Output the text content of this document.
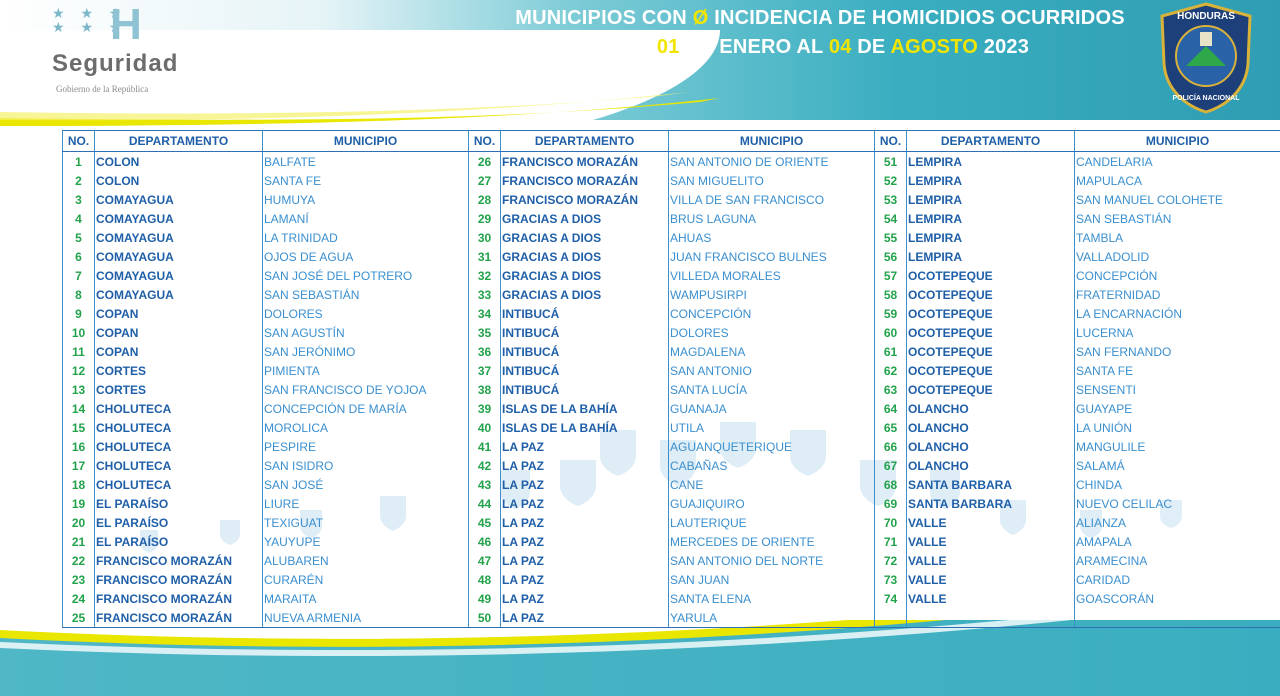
★ ★ ★
★ ★ ★
H
Seguridad
Gobierno de la República
MUNICIPIOS CON Ø INCIDENCIA DE HOMICIDIOS OCURRIDOS
DEL 01 DE ENERO AL 04 DE AGOSTO 2023
HONDURAS
POLICÍA NACIONAL
NO.	DEPARTAMENTO	MUNICIPIO	NO.	DEPARTAMENTO	MUNICIPIO	NO.	DEPARTAMENTO	MUNICIPIO
1	COLON	BALFATE	26	FRANCISCO MORAZÁN	SAN ANTONIO DE ORIENTE	51	LEMPIRA	CANDELARIA
2	COLON	SANTA FE	27	FRANCISCO MORAZÁN	SAN MIGUELITO	52	LEMPIRA	MAPULACA
3	COMAYAGUA	HUMUYA	28	FRANCISCO MORAZÁN	VILLA DE SAN FRANCISCO	53	LEMPIRA	SAN MANUEL COLOHETE
4	COMAYAGUA	LAMANÍ	29	GRACIAS A DIOS	BRUS LAGUNA	54	LEMPIRA	SAN SEBASTIÁN
5	COMAYAGUA	LA TRINIDAD	30	GRACIAS A DIOS	AHUAS	55	LEMPIRA	TAMBLA
6	COMAYAGUA	OJOS DE AGUA	31	GRACIAS A DIOS	JUAN FRANCISCO BULNES	56	LEMPIRA	VALLADOLID
7	COMAYAGUA	SAN JOSÉ DEL POTRERO	32	GRACIAS A DIOS	VILLEDA MORALES	57	OCOTEPEQUE	CONCEPCIÓN
8	COMAYAGUA	SAN SEBASTIÁN	33	GRACIAS A DIOS	WAMPUSIRPI	58	OCOTEPEQUE	FRATERNIDAD
9	COPAN	DOLORES	34	INTIBUCÁ	CONCEPCIÓN	59	OCOTEPEQUE	LA ENCARNACIÓN
10	COPAN	SAN AGUSTÍN	35	INTIBUCÁ	DOLORES	60	OCOTEPEQUE	LUCERNA
11	COPAN	SAN JERÓNIMO	36	INTIBUCÁ	MAGDALENA	61	OCOTEPEQUE	SAN FERNANDO
12	CORTES	PIMIENTA	37	INTIBUCÁ	SAN ANTONIO	62	OCOTEPEQUE	SANTA FE
13	CORTES	SAN FRANCISCO DE YOJOA	38	INTIBUCÁ	SANTA LUCÍA	63	OCOTEPEQUE	SENSENTI
14	CHOLUTECA	CONCEPCIÓN DE MARÍA	39	ISLAS DE LA BAHÍA	GUANAJA	64	OLANCHO	GUAYAPE
15	CHOLUTECA	MOROLICA	40	ISLAS DE LA BAHÍA	UTILA	65	OLANCHO	LA UNIÓN
16	CHOLUTECA	PESPIRE	41	LA PAZ	AGUANQUETERIQUE	66	OLANCHO	MANGULILE
17	CHOLUTECA	SAN ISIDRO	42	LA PAZ	CABAÑAS	67	OLANCHO	SALAMÁ
18	CHOLUTECA	SAN JOSÉ	43	LA PAZ	CANE	68	SANTA BARBARA	CHINDA
19	EL PARAÍSO	LIURE	44	LA PAZ	GUAJIQUIRO	69	SANTA BARBARA	NUEVO CELILAC
20	EL PARAÍSO	TEXIGUAT	45	LA PAZ	LAUTERIQUE	70	VALLE	ALIANZA
21	EL PARAÍSO	YAUYUPE	46	LA PAZ	MERCEDES DE ORIENTE	71	VALLE	AMAPALA
22	FRANCISCO MORAZÁN	ALUBAREN	47	LA PAZ	SAN ANTONIO DEL NORTE	72	VALLE	ARAMECINA
23	FRANCISCO MORAZÁN	CURARÉN	48	LA PAZ	SAN JUAN	73	VALLE	CARIDAD
24	FRANCISCO MORAZÁN	MARAITA	49	LA PAZ	SANTA ELENA	74	VALLE	GOASCORÁN
25	FRANCISCO MORAZÁN	NUEVA ARMENIA	50	LA PAZ	YARULA			
